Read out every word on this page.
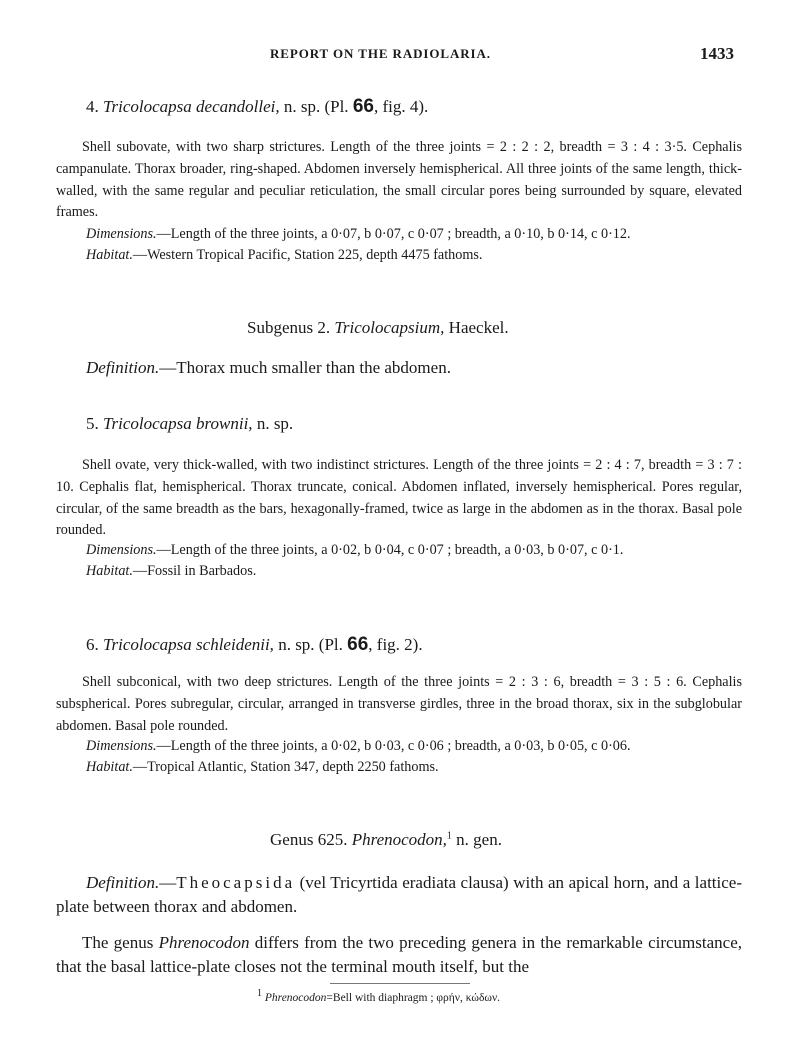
REPORT ON THE RADIOLARIA.	1433
4. Tricolocapsa decandollei, n. sp. (Pl. 66, fig. 4).
Shell subovate, with two sharp strictures. Length of the three joints = 2 : 2 : 2, breadth = 3 : 4 : 3·5. Cephalis campanulate. Thorax broader, ring-shaped. Abdomen inversely hemispherical. All three joints of the same length, thick-walled, with the same regular and peculiar reticulation, the small circular pores being surrounded by square, elevated frames.
Dimensions.—Length of the three joints, a 0·07, b 0·07, c 0·07 ; breadth, a 0·10, b 0·14, c 0·12.
Habitat.—Western Tropical Pacific, Station 225, depth 4475 fathoms.
Subgenus 2. Tricolocapsium, Haeckel.
Definition.—Thorax much smaller than the abdomen.
5. Tricolocapsa brownii, n. sp.
Shell ovate, very thick-walled, with two indistinct strictures. Length of the three joints = 2 : 4 : 7, breadth = 3 : 7 : 10. Cephalis flat, hemispherical. Thorax truncate, conical. Abdomen inflated, inversely hemispherical. Pores regular, circular, of the same breadth as the bars, hexagonally-framed, twice as large in the abdomen as in the thorax. Basal pole rounded.
Dimensions.—Length of the three joints, a 0·02, b 0·04, c 0·07 ; breadth, a 0·03, b 0·07, c 0·1.
Habitat.—Fossil in Barbados.
6. Tricolocapsa schleidenii, n. sp. (Pl. 66, fig. 2).
Shell subconical, with two deep strictures. Length of the three joints = 2 : 3 : 6, breadth = 3 : 5 : 6. Cephalis subspherical. Pores subregular, circular, arranged in transverse girdles, three in the broad thorax, six in the subglobular abdomen. Basal pole rounded.
Dimensions.—Length of the three joints, a 0·02, b 0·03, c 0·06 ; breadth, a 0·03, b 0·05, c 0·06.
Habitat.—Tropical Atlantic, Station 347, depth 2250 fathoms.
Genus 625. Phrenocodon,$^1$ n. gen.
Definition.—Theocapsida (vel Tricyrtida eradiata clausa) with an apical horn, and a lattice-plate between thorax and abdomen.
The genus Phrenocodon differs from the two preceding genera in the remarkable circumstance, that the basal lattice-plate closes not the terminal mouth itself, but the
$^1$ Phrenocodon=Bell with diaphragm ; φρήν, κώδων.
